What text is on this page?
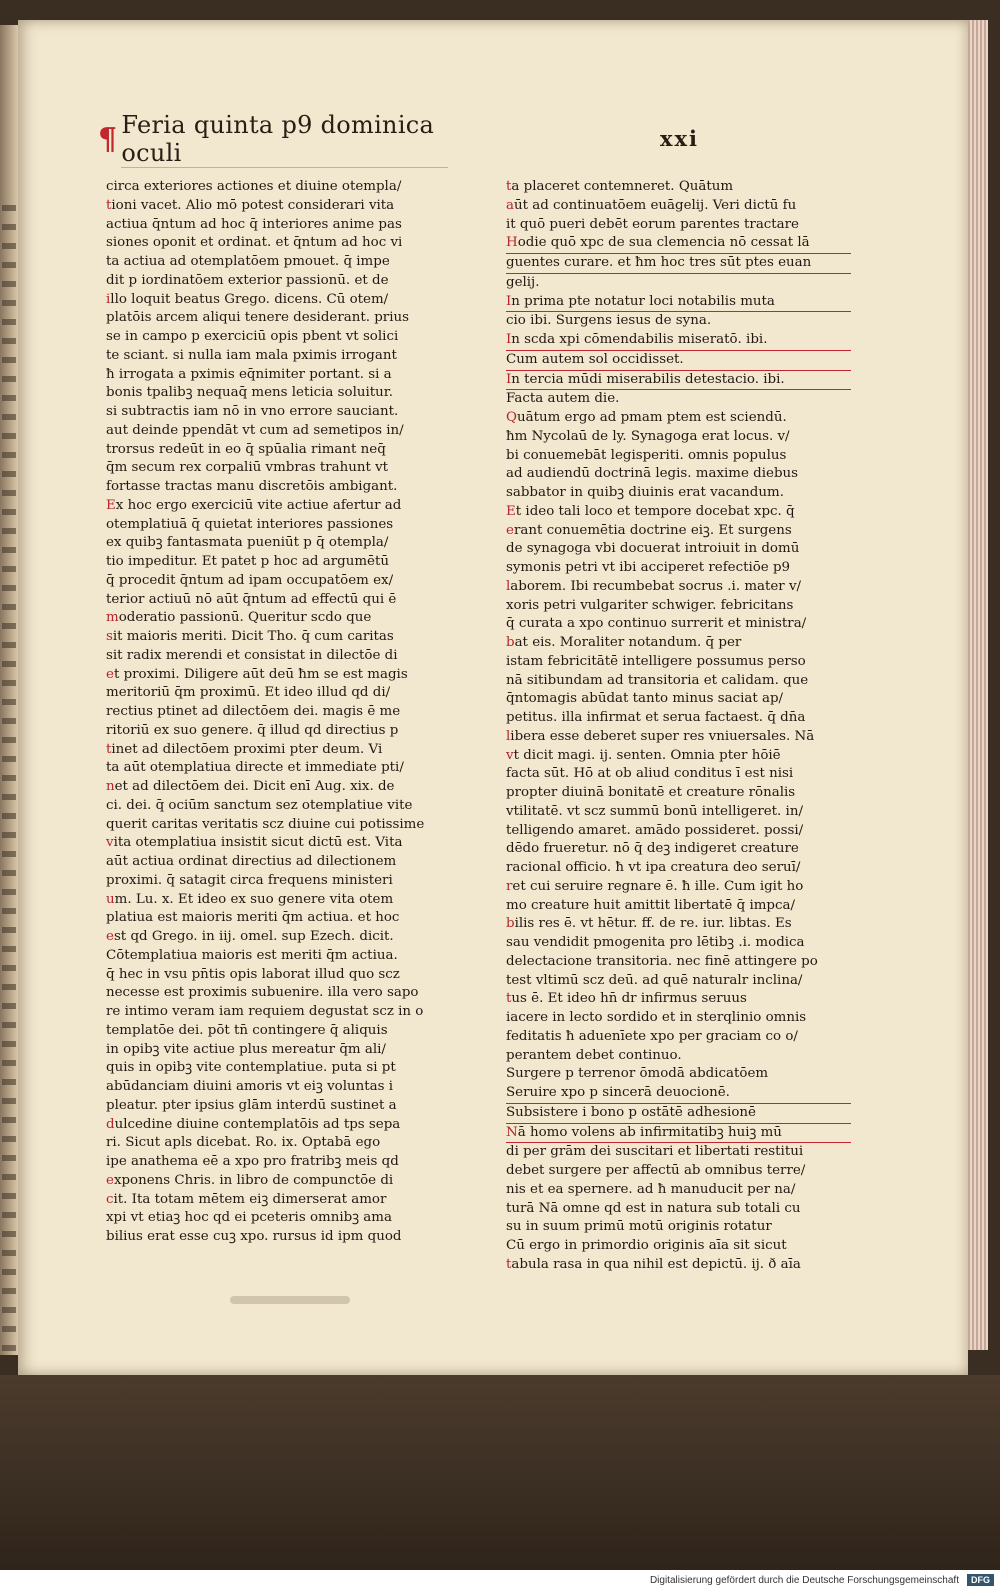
¶ Feria quinta p9 dominica oculi	xxi
circa exteriores actiones et diuine otempla/
tioni vacet. Alio mō potest considerari vita
actiua q̄ntum ad hoc q̄ interiores anime pas
siones oponit et ordinat. et q̄ntum ad hoc vi
ta actiua ad otemplatōem pmouet. q̄ impe
dit p iordinatōem exterior passionū. et de
illo loquit beatus Grego. dicens. Cū otem/
platōis arcem aliqui tenere desiderant. prius
se in campo p exerciciū opis pbent vt solici
te sciant. si nulla iam mala pximis irrogant
ħ irrogata a pximis eq̄nimiter portant. si a
bonis tpalibꝫ nequaq̄ mens leticia soluitur.
si subtractis iam nō in vno errore sauciant.
aut deinde ppendāt vt cum ad semetipos in/
trorsus redeūt in eo q̄ spūalia rimant neq̄
q̄m secum rex corpaliū vmbras trahunt vt
fortasse tractas manu discretōis ambigant.
Ex hoc ergo exerciciū vite actiue afertur ad
otemplatiuā q̄ quietat interiores passiones
ex quibꝫ fantasmata pueniūt p q̄ otempla/
tio impeditur. Et patet p hoc ad argumētū
q̄ procedit q̄ntum ad ipam occupatōem ex/
terior actiuū nō aūt q̄ntum ad effectū qui ē
moderatio passionū. Queritur scdo que
sit maioris meriti. Dicit Tho. q̄ cum caritas
sit radix merendi et consistat in dilectōe di
et proximi. Diligere aūt deū ħm se est magis
meritoriū q̄m proximū. Et ideo illud qd di/
rectius ptinet ad dilectōem dei. magis ē me
ritoriū ex suo genere. q̄ illud qd directius p
tinet ad dilectōem proximi pter deum. Vi
ta aūt otemplatiua directe et immediate pti/
net ad dilectōem dei. Dicit enī Aug. xix. de
ci. dei. q̄ ociūm sanctum sez otemplatiue vite
querit caritas veritatis scz diuine cui potissime
vita otemplatiua insistit sicut dictū est. Vita
aūt actiua ordinat directius ad dilectionem
proximi. q̄ satagit circa frequens ministeri
um. Lu. x. Et ideo ex suo genere vita otem
platiua est maioris meriti q̄m actiua. et hoc
est qd Grego. in iij. omel. sup Ezech. dicit.
Cōtemplatiua maioris est meriti q̄m actiua.
q̄ hec in vsu pn̄tis opis laborat illud quo scz
necesse est proximis subuenire. illa vero sapo
re intimo veram iam requiem degustat scz in o
templatōe dei. pōt tn̄ contingere q̄ aliquis
in opibꝫ vite actiue plus mereatur q̄m ali/
quis in opibꝫ vite contemplatiue. puta si pt
abūdanciam diuini amoris vt eiꝫ voluntas i
pleatur. pter ipsius glām interdū sustinet a
dulcedine diuine contemplatōis ad tps sepa
ri. Sicut apls dicebat. Ro. ix. Optabā ego
ipe anathema eē a xpo pro fratribꝫ meis qd
exponens Chris. in libro de compunctōe di
cit. Ita totam mētem eiꝫ dimerserat amor
xpi vt etiaꝫ hoc qd ei pceteris omnibꝫ ama
bilius erat esse cuꝫ xpo. rursus id ipm quod
ta placeret contemneret. Quātum
aūt ad continuatōem euāgelij. Veri dictū fu
it quō pueri debēt eorum parentes tractare
Hodie quō xpc de sua clemencia nō cessat lā
guentes curare. et ħm hoc tres sūt ptes euan
gelij.
In prima pte notatur loci notabilis muta
cio ibi. Surgens iesus de syna.
In scda xpi cōmendabilis miseratō. ibi.
Cum autem sol occidisset.
In tercia mūdi miserabilis detestacio. ibi.
Facta autem die.
Quātum ergo ad pmam ptem est sciendū.
ħm Nycolaū de ly. Synagoga erat locus. v/
bi conuemebāt legisperiti. omnis populus
ad audiendū doctrinā legis. maxime diebus
sabbator in quibꝫ diuinis erat vacandum.
Et ideo tali loco et tempore docebat xpc. q̄
erant conuemētia doctrine eiꝫ. Et surgens
de synagoga vbi docuerat introiuit in domū
symonis petri vt ibi acciperet refectiōe p9
laborem. Ibi recumbebat socrus .i. mater v/
xoris petri vulgariter schwiger. febricitans
q̄ curata a xpo continuo surrerit et ministra/
bat eis. Moraliter notandum. q̄ per
istam febricitātē intelligere possumus perso
nā sitibundam ad transitoria et calidam. que
q̄ntomagis abūdat tanto minus saciat ap/
petitus. illa infirmat et serua factaest. q̄ dn̄a
libera esse deberet super res vniuersales. Nā
vt dicit magi. ij. senten. Omnia pter hōiē
facta sūt. Hō at ob aliud conditus ī est nisi
propter diuinā bonitatē et creature rōnalis
vtilitatē. vt scz summū bonū intelligeret. in/
telligendo amaret. amādo possideret. possi/
dēdo frueretur. nō q̄ deꝫ indigeret creature
racional officio. ħ vt ipa creatura deo seruī/
ret cui seruire regnare ē. ħ ille. Cum igit ho
mo creature huit amittit libertatē q̄ impca/
bilis res ē. vt hētur. ff. de re. iur. libtas. Es
sau vendidit pmogenita pro lētibꝫ .i. modica
delectacione transitoria. nec finē attingere po
test vltimū scz deū. ad quē naturalr inclina/
tus ē. Et ideo hn̄ dr infirmus seruus
iacere in lecto sordido et in sterqlinio omnis
feditatis ħ aduenīete xpo per graciam co o/
perantem debet continuo.
Surgere p terrenor ōmodā abdicatōem
Seruire xpo p sincerā deuocionē.
Subsistere i bono p ostātē adhesionē
Nā homo volens ab infirmitatibꝫ huiꝫ mū
di per grām dei suscitari et libertati restitui
debet surgere per affectū ab omnibus terre/
nis et ea spernere. ad ħ manuducit per na/
turā Nā omne qd est in natura sub totali cu
su in suum primū motū originis rotatur
Cū ergo in primordio originis aīa sit sicut
tabula rasa in qua nihil est depictū. ij. ð aīa
Digitalisierung gefördert durch die Deutsche Forschungsgemeinschaft	DFG
